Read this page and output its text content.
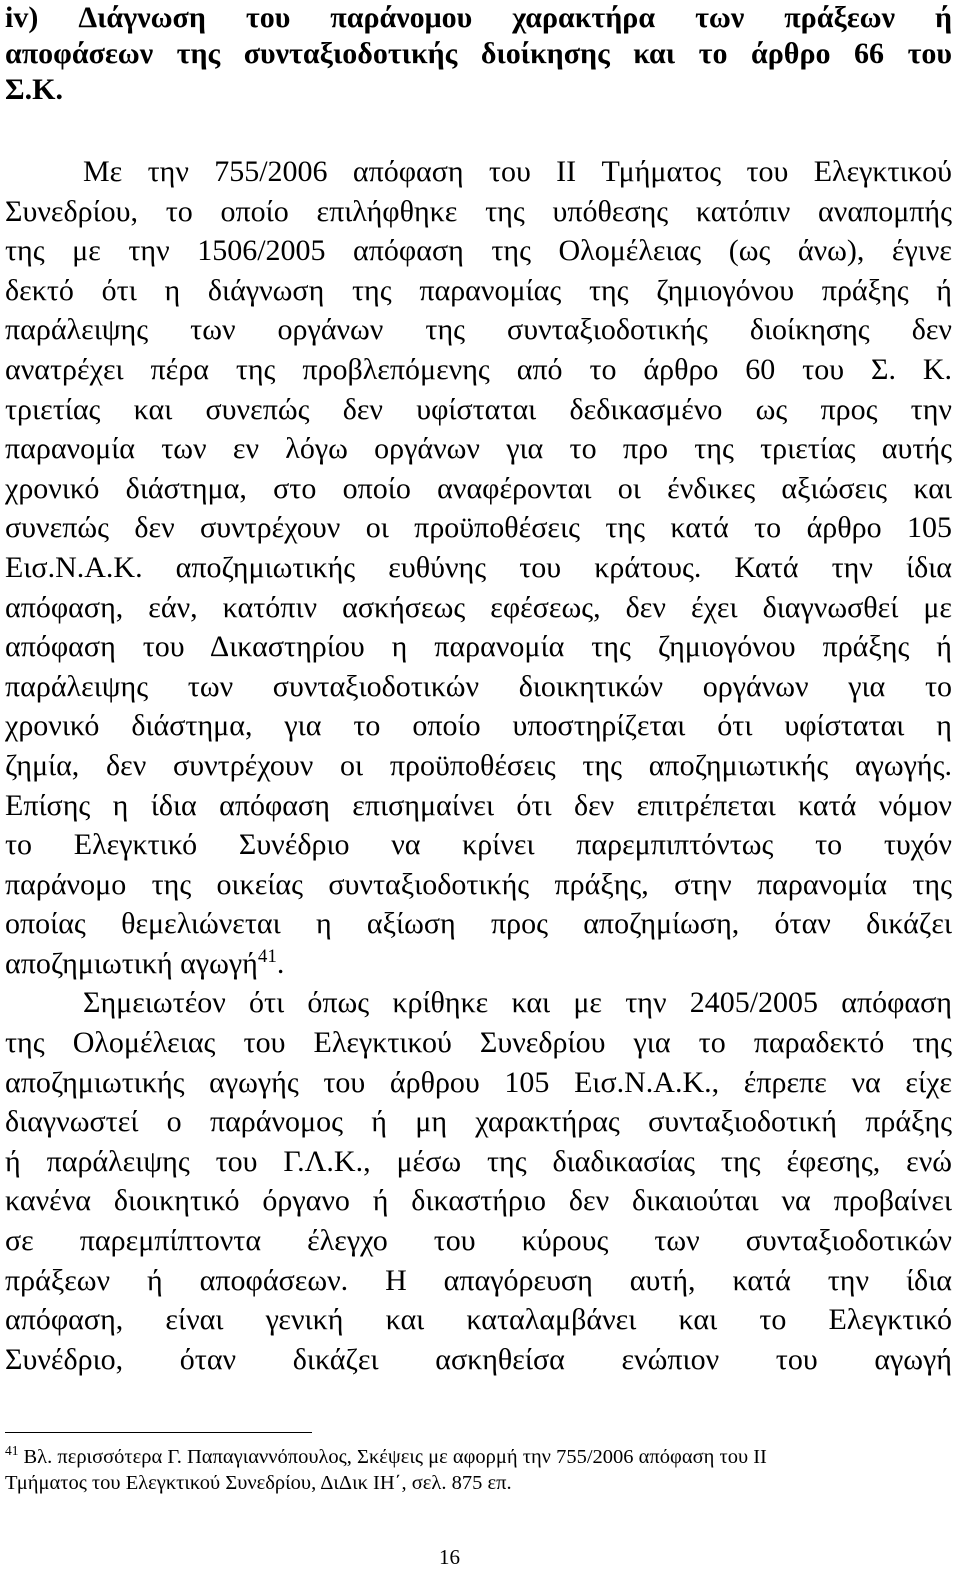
iv) Διάγνωση του παράνομου χαρακτήρα των πράξεων ή
αποφάσεων της συνταξιοδοτικής διοίκησης και το άρθρο 66 του
Σ.Κ.
Με την 755/2006 απόφαση του II Τμήματος του Ελεγκτικού
Συνεδρίου, το οποίο επιλήφθηκε της υπόθεσης κατόπιν αναπομπής
της με την 1506/2005 απόφαση της Ολομέλειας (ως άνω), έγινε
δεκτό ότι η διάγνωση της παρανομίας της ζημιογόνου πράξης ή
παράλειψης των οργάνων της συνταξιοδοτικής διοίκησης δεν
ανατρέχει πέρα της προβλεπόμενης από το άρθρο 60 του Σ. Κ.
τριετίας και συνεπώς δεν υφίσταται δεδικασμένο ως προς την
παρανομία των εν λόγω οργάνων για το προ της τριετίας αυτής
χρονικό διάστημα, στο οποίο αναφέρονται οι ένδικες αξιώσεις και
συνεπώς δεν συντρέχουν οι προϋποθέσεις της κατά το άρθρο 105
Εισ.Ν.Α.Κ. αποζημιωτικής ευθύνης του κράτους. Κατά την ίδια
απόφαση, εάν, κατόπιν ασκήσεως εφέσεως, δεν έχει διαγνωσθεί με
απόφαση του Δικαστηρίου η παρανομία της ζημιογόνου πράξης ή
παράλειψης των συνταξιοδοτικών διοικητικών οργάνων για το
χρονικό διάστημα, για το οποίο υποστηρίζεται ότι υφίσταται η
ζημία, δεν συντρέχουν οι προϋποθέσεις της αποζημιωτικής αγωγής.
Επίσης η ίδια απόφαση επισημαίνει ότι δεν επιτρέπεται κατά νόμον
το Ελεγκτικό Συνέδριο να κρίνει παρεμπιπτόντως το τυχόν
παράνομο της οικείας συνταξιοδοτικής πράξης, στην παρανομία της
οποίας θεμελιώνεται η αξίωση προς αποζημίωση, όταν δικάζει
αποζημιωτική αγωγή$^{41}$.
Σημειωτέον ότι όπως κρίθηκε και με την 2405/2005 απόφαση
της Ολομέλειας του Ελεγκτικού Συνεδρίου για το παραδεκτό της
αποζημιωτικής αγωγής του άρθρου 105 Εισ.Ν.Α.Κ., έπρεπε να είχε
διαγνωστεί ο παράνομος ή μη χαρακτήρας συνταξιοδοτική πράξης
ή παράλειψης του Γ.Λ.Κ., μέσω της διαδικασίας της έφεσης, ενώ
κανένα διοικητικό όργανο ή δικαστήριο δεν δικαιούται να προβαίνει
σε παρεμπίπτοντα έλεγχο του κύρους των συνταξιοδοτικών
πράξεων ή αποφάσεων. Η απαγόρευση αυτή, κατά την ίδια
απόφαση, είναι γενική και καταλαμβάνει και το Ελεγκτικό
Συνέδριο, όταν δικάζει ασκηθείσα ενώπιον του αγωγή
$^{41}$ Βλ. περισσότερα Γ. Παπαγιαννόπουλος, Σκέψεις με αφορμή την 755/2006 απόφαση του II
Τμήματος του Ελεγκτικού Συνεδρίου, ΔιΔικ ΙΗ΄, σελ. 875 επ.
16
